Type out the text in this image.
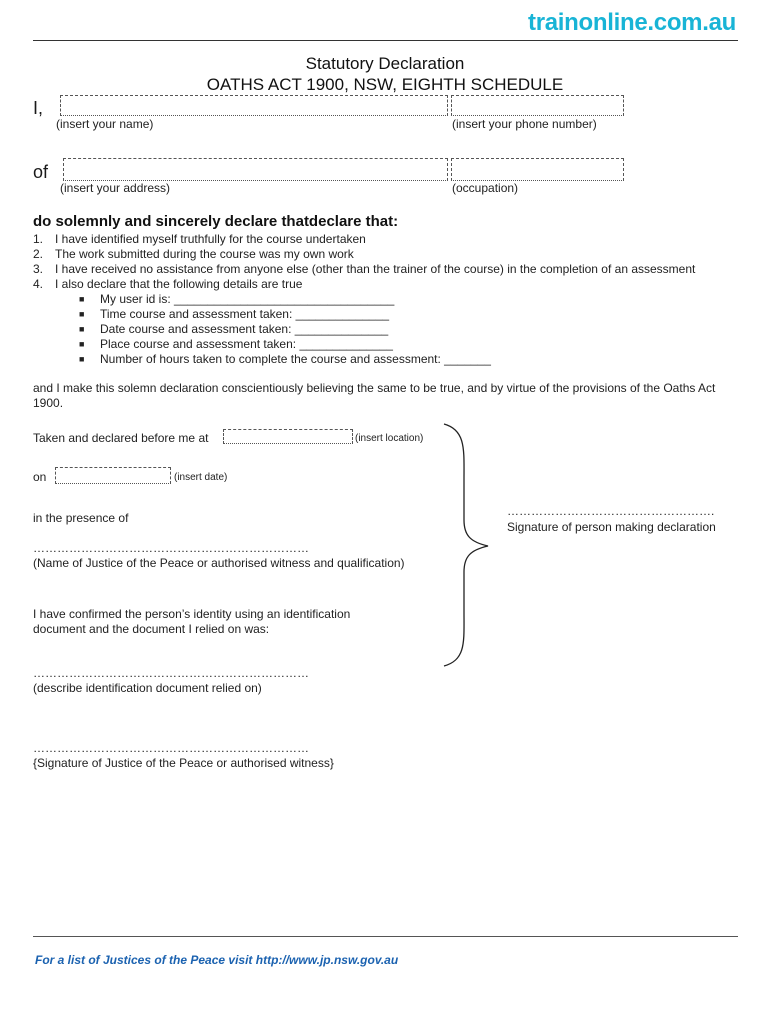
trainonline.com.au
Statutory Declaration
OATHS ACT 1900, NSW, EIGHTH SCHEDULE
I,
(insert your name)	(insert your phone number)
of
(insert your address)	(occupation)
do solemnly and sincerely declare thatdeclare that:
1. I have identified myself truthfully for the course undertaken
2. The work submitted during the course was my own work
3. I have received no assistance from anyone else (other than the trainer of the course) in the completion of an assessment
4. I also declare that the following details are true
■ My user id is: _________________________________
■ Time course and assessment taken: ______________
■ Date course and assessment taken: ______________
■ Place course and assessment taken: ______________
■ Number of hours taken to complete the course and assessment: _______
and I make this solemn declaration conscientiously believing the same to be true, and by virtue of the provisions of the Oaths Act 1900.
Taken and declared before me at	(insert location)
on	(insert date)
in the presence of
……………………………………………………………
(Name of Justice of the Peace or authorised witness and qualification)
I have confirmed the person’s identity using an identification
document and the document I relied on was:
……………………………………………………………
(describe identification document relied on)
……………………………………………………………
{Signature of Justice of the Peace or authorised witness}
…………………………………………….
Signature of person making declaration
For a list of Justices of the Peace visit http://www.jp.nsw.gov.au
